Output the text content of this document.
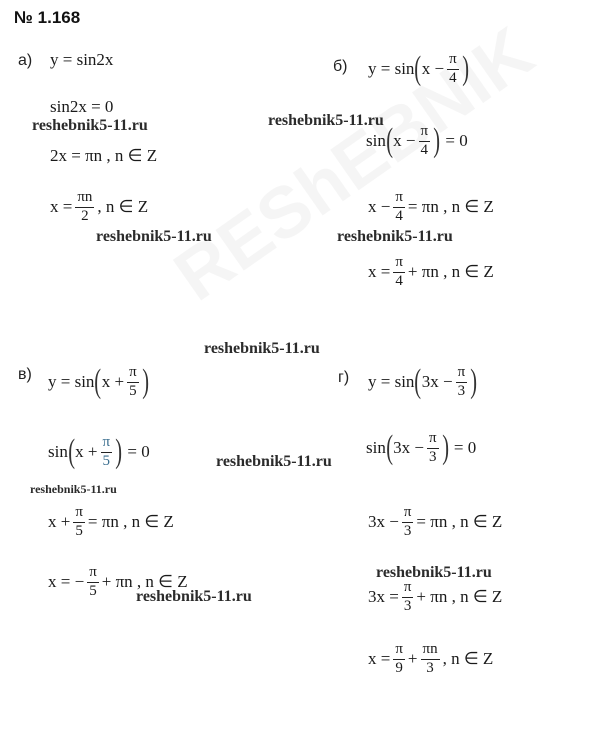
№ 1.168
а) y = sin2x
sin2x = 0
2x = πn , n ∈ Z
$x = \frac{\pi n}{2}$ , n ∈ Z
б) y = sin ( $x - \frac{\pi}{4}$ )
sin ( $x - \frac{\pi}{4}$ ) = 0
$x - \frac{\pi}{4} = \pi n$ , n ∈ Z
$x = \frac{\pi}{4} + \pi n$ , n ∈ Z
в) y = sin ( $x + \frac{\pi}{5}$ )
sin ( $x + \frac{\pi}{5}$ ) = 0
$x + \frac{\pi}{5} = \pi n$ , n ∈ Z
x = − $\frac{\pi}{5} + \pi n$ , n ∈ Z
г) y = sin ( $3x - \frac{\pi}{3}$ )
sin ( $3x - \frac{\pi}{3}$ ) = 0
$3x - \frac{\pi}{3} = \pi n$ , n ∈ Z
$3x = \frac{\pi}{3} + \pi n$ , n ∈ Z
$x = \frac{\pi}{9} + \frac{\pi n}{3}$ , n ∈ Z
reshebnik5-11.ru	reshebnik5-11.ru
reshebnik5-11.ru	reshebnik5-11.ru
reshebnik5-11.ru
reshebnik5-11.ru
reshebnik5-11.ru
reshebnik5-11.ru
reshebnik5-11.ru
